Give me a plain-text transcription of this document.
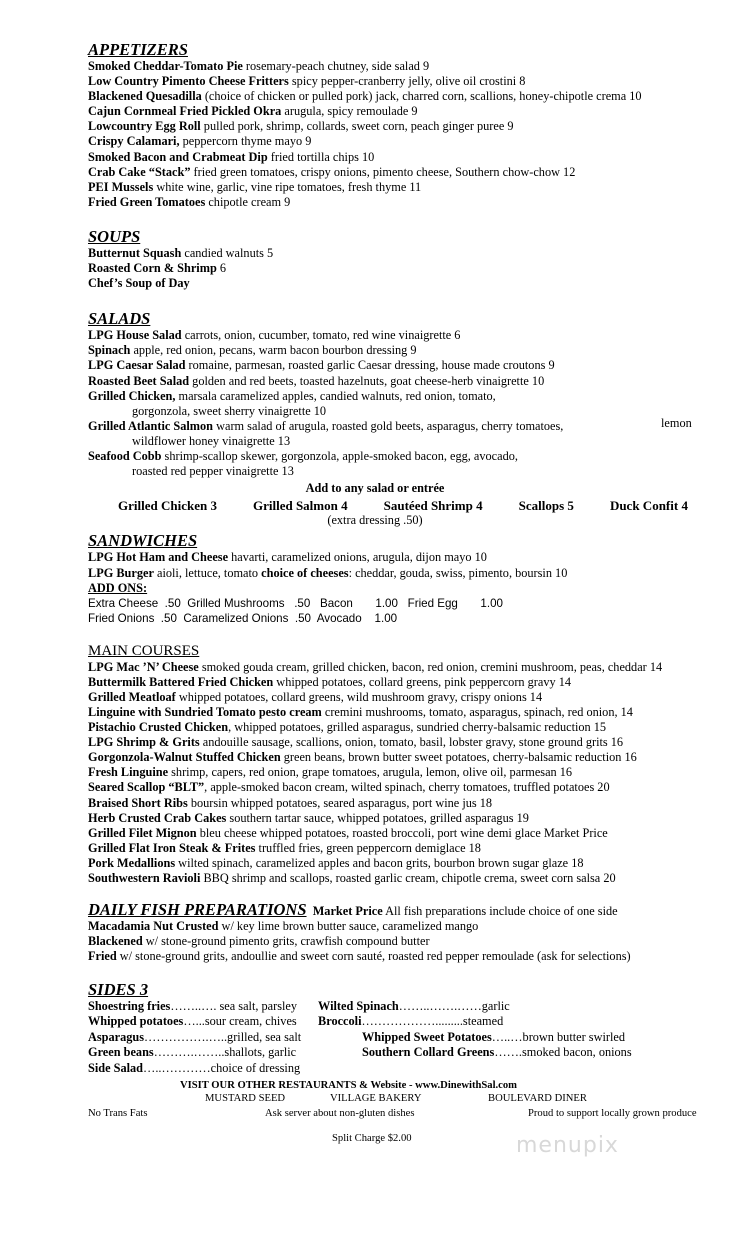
APPETIZERS
Smoked Cheddar-Tomato Pie rosemary-peach chutney, side salad 9
Low Country Pimento Cheese Fritters spicy pepper-cranberry jelly, olive oil crostini 8
Blackened Quesadilla (choice of chicken or pulled pork) jack, charred corn, scallions, honey-chipotle crema 10
Cajun Cornmeal Fried Pickled Okra arugula, spicy remoulade 9
Lowcountry Egg Roll pulled pork, shrimp, collards, sweet corn, peach ginger puree 9
Crispy Calamari, peppercorn thyme mayo 9
Smoked Bacon and Crabmeat Dip fried tortilla chips 10
Crab Cake “Stack” fried green tomatoes, crispy onions, pimento cheese, Southern chow-chow 12
PEI Mussels white wine, garlic, vine ripe tomatoes, fresh thyme 11
Fried Green Tomatoes chipotle cream 9
SOUPS
Butternut Squash candied walnuts 5
Roasted Corn & Shrimp 6
Chef’s Soup of Day
SALADS
LPG House Salad carrots, onion, cucumber, tomato, red wine vinaigrette 6
Spinach apple, red onion, pecans, warm bacon bourbon dressing 9
LPG Caesar Salad romaine, parmesan, roasted garlic Caesar dressing, house made croutons 9
Roasted Beet Salad golden and red beets, toasted hazelnuts, goat cheese-herb vinaigrette 10
Grilled Chicken, marsala caramelized apples, candied walnuts, red onion, tomato,
gorgonzola, sweet sherry vinaigrette 10
Grilled Atlantic Salmon warm salad of arugula, roasted gold beets, asparagus, cherry tomatoes,
wildflower honey vinaigrette 13
Seafood Cobb shrimp-scallop skewer, gorgonzola, apple-smoked bacon, egg, avocado,
roasted red pepper vinaigrette 13
Add to any salad or entrée
Grilled Chicken 3	Grilled Salmon 4	Sautéed Shrimp 4	Scallops 5	Duck Confit 4
(extra dressing .50)
SANDWICHES
LPG Hot Ham and Cheese havarti, caramelized onions, arugula, dijon mayo 10
LPG Burger aioli, lettuce, tomato choice of cheeses: cheddar, gouda, swiss, pimento, boursin 10
ADD ONS:
Extra Cheese  .50  Grilled Mushrooms   .50   Bacon       1.00   Fried Egg       1.00
Fried Onions  .50  Caramelized Onions  .50  Avocado    1.00
MAIN COURSES
LPG Mac ’N’ Cheese smoked gouda cream, grilled chicken, bacon, red onion, cremini mushroom, peas, cheddar 14
Buttermilk Battered Fried Chicken whipped potatoes, collard greens, pink peppercorn gravy 14
Grilled Meatloaf whipped potatoes, collard greens, wild mushroom gravy, crispy onions 14
Linguine with Sundried Tomato pesto cream cremini mushrooms, tomato, asparagus, spinach, red onion, 14
Pistachio Crusted Chicken, whipped potatoes, grilled asparagus, sundried cherry-balsamic reduction 15
LPG Shrimp & Grits andouille sausage, scallions, onion, tomato, basil, lobster gravy, stone ground grits 16
Gorgonzola-Walnut Stuffed Chicken green beans, brown butter sweet potatoes, cherry-balsamic reduction 16
Fresh Linguine shrimp, capers, red onion, grape tomatoes, arugula, lemon, olive oil, parmesan 16
Seared Scallop “BLT”, apple-smoked bacon cream, wilted spinach, cherry tomatoes, truffled potatoes 20
Braised Short Ribs boursin whipped potatoes, seared asparagus, port wine jus 18
Herb Crusted Crab Cakes southern tartar sauce, whipped potatoes, grilled asparagus 19
Grilled Filet Mignon bleu cheese whipped potatoes, roasted broccoli, port wine demi glace Market Price
Grilled Flat Iron Steak & Frites truffled fries, green peppercorn demiglace 18
Pork Medallions wilted spinach, caramelized apples and bacon grits, bourbon brown sugar glaze 18
Southwestern Ravioli BBQ shrimp and scallops, roasted garlic cream, chipotle crema, sweet corn salsa 20
DAILY FISH PREPARATIONS Market Price All fish preparations include choice of one side
Macadamia Nut Crusted w/ key lime brown butter sauce, caramelized mango
Blackened w/ stone-ground pimento grits, crawfish compound butter
Fried w/ stone-ground grits, andoullie and sweet corn sauté, roasted red pepper remoulade (ask for selections)
SIDES 3
Shoestring fries……..…. sea salt, parsley
Whipped potatoes…...sour cream, chives
Asparagus…………….…..grilled, sea salt
Green beans……….……..shallots, garlic
Side Salad…..…………choice of dressing
Wilted Spinach……..…….……garlic
Broccoli……………….........steamed
Whipped Sweet Potatoes…..…brown butter swirled
Southern Collard Greens…….smoked bacon, onions
lemon
VISIT OUR OTHER RESTAURANTS & Website - www.DinewithSal.com
MUSTARD SEED	VILLAGE BAKERY	BOULEVARD DINER
No Trans Fats	Ask server about non-gluten dishes	Proud to support locally grown produce
Split Charge $2.00	menupix
